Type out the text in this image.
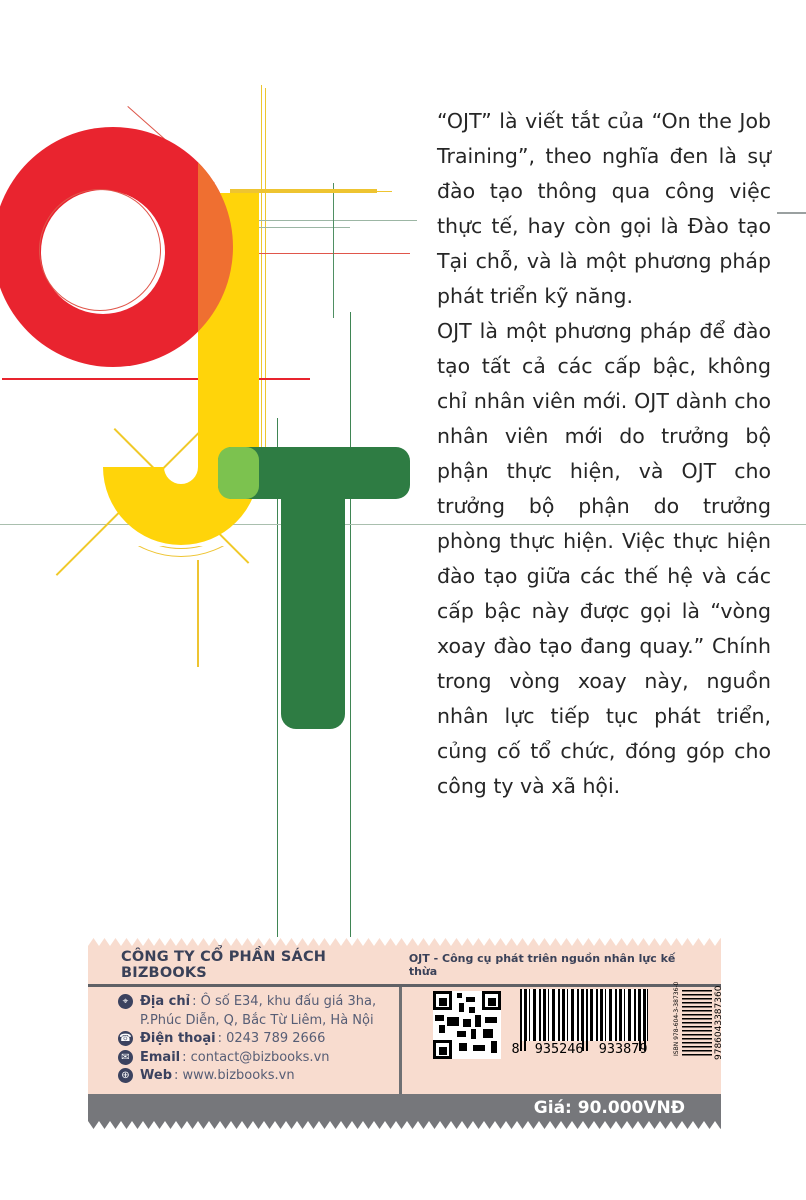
“OJT” là viết tắt của “On the Job Training”, theo nghĩa đen là sự đào tạo thông qua công việc thực tế, hay còn gọi là Đào tạo Tại chỗ, và là một phương pháp phát triển kỹ năng.

OJT là một phương pháp để đào tạo tất cả các cấp bậc, không chỉ nhân viên mới. OJT dành cho nhân viên mới do trưởng bộ phận thực hiện, và OJT cho trưởng bộ phận do trưởng phòng thực hiện. Việc thực hiện đào tạo giữa các thế hệ và các cấp bậc này được gọi là “vòng xoay đào tạo đang quay.” Chính trong vòng xoay này, nguồn nhân lực tiếp tục phát triển, củng cố tổ chức, đóng góp cho công ty và xã hội.

CÔNG TY CỔ PHẦN SÁCH BIZBOOKS
OJT - Công cụ phát triên nguồn nhân lực kế thừa
⌖ Địa chỉ : Ô số E34, khu đấu giá 3ha,
P.Phúc Diễn, Q, Bắc Từ Liêm, Hà Nội
☎ Điện thoại : 0243 789 2666
✉ Email : contact@bizbooks.vn
⊕ Web : www.bizbooks.vn
8 935246 933879	ISBN 978-604-3-38736-0	9786043387360
Giá: 90.000VNĐ
